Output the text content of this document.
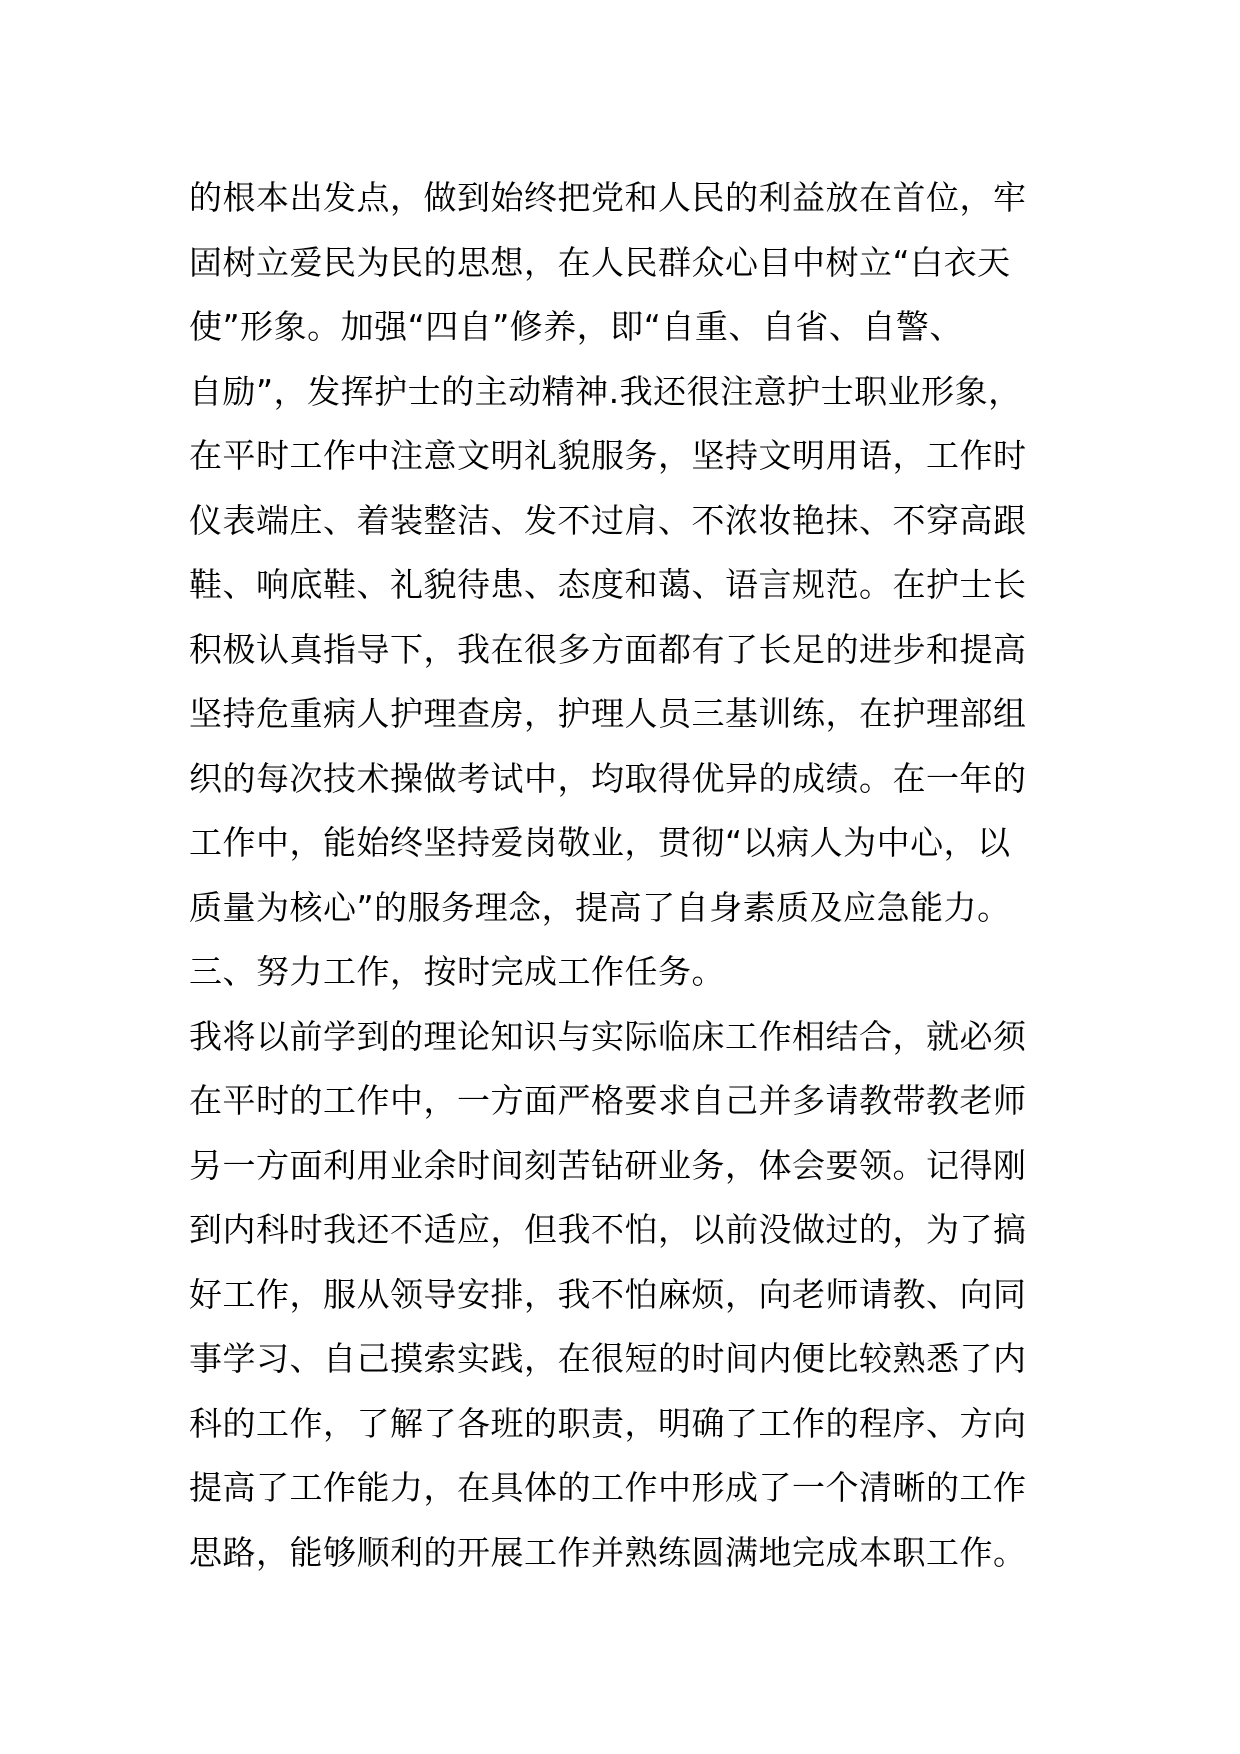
的根本出发点，做到始终把党和人民的利益放在首位，牢
固树立爱民为民的思想，在人民群众心目中树立“白衣天
使”形象。加强“四自”修养，即“自重、自省、自警、
自励”，发挥护士的主动精神.我还很注意护士职业形象，
在平时工作中注意文明礼貌服务，坚持文明用语，工作时
仪表端庄、着装整洁、发不过肩、不浓妆艳抹、不穿高跟
鞋、响底鞋、礼貌待患、态度和蔼、语言规范。在护士长
积极认真指导下，我在很多方面都有了长足的进步和提高
坚持危重病人护理查房，护理人员三基训练，在护理部组
织的每次技术操做考试中，均取得优异的成绩。在一年的
工作中，能始终坚持爱岗敬业，贯彻“以病人为中心，以
质量为核心”的服务理念，提高了自身素质及应急能力。
三、努力工作，按时完成工作任务。
我将以前学到的理论知识与实际临床工作相结合，就必须
在平时的工作中，一方面严格要求自己并多请教带教老师
另一方面利用业余时间刻苦钻研业务，体会要领。记得刚
到内科时我还不适应，但我不怕，以前没做过的，为了搞
好工作，服从领导安排，我不怕麻烦，向老师请教、向同
事学习、自己摸索实践，在很短的时间内便比较熟悉了内
科的工作，了解了各班的职责，明确了工作的程序、方向
提高了工作能力，在具体的工作中形成了一个清晰的工作
思路，能够顺利的开展工作并熟练圆满地完成本职工作。
